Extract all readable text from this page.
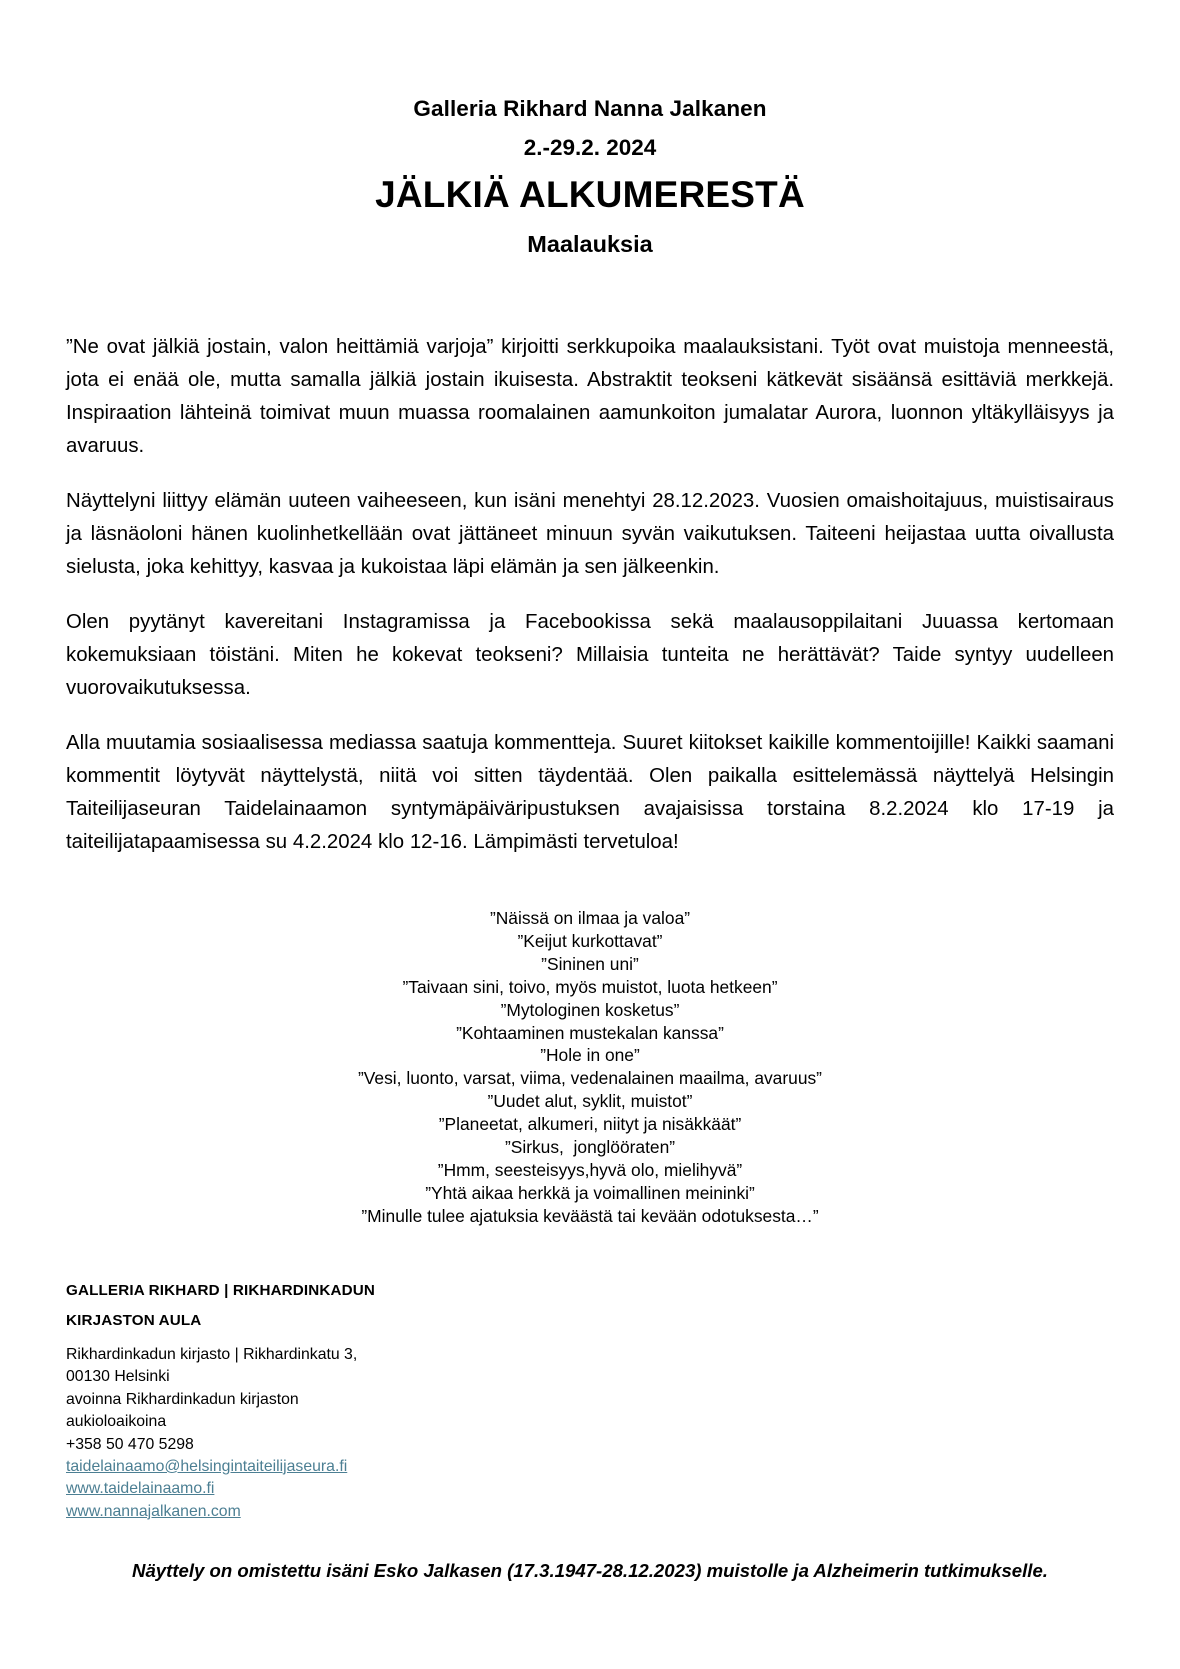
Galleria Rikhard Nanna Jalkanen
2.-29.2. 2024
JÄLKIÄ ALKUMERESTÄ
Maalauksia

”Ne ovat jälkiä jostain, valon heittämiä varjoja” kirjoitti serkkupoika maalauksistani. Työt ovat muistoja menneestä, jota ei enää ole, mutta samalla jälkiä jostain ikuisesta. Abstraktit teokseni kätkevät sisäänsä esittäviä merkkejä. Inspiraation lähteinä toimivat muun muassa roomalainen aamunkoiton jumalatar Aurora, luonnon yltäkylläisyys ja avaruus.

Näyttelyni liittyy elämän uuteen vaiheeseen, kun isäni menehtyi 28.12.2023. Vuosien omaishoitajuus, muistisairaus ja läsnäoloni hänen kuolinhetkellään ovat jättäneet minuun syvän vaikutuksen. Taiteeni heijastaa uutta oivallusta sielusta, joka kehittyy, kasvaa ja kukoistaa läpi elämän ja sen jälkeenkin.

Olen pyytänyt kavereitani Instagramissa ja Facebookissa sekä maalausoppilaitani Juuassa kertomaan kokemuksiaan töistäni. Miten he kokevat teokseni? Millaisia tunteita ne herättävät? Taide syntyy uudelleen vuorovaikutuksessa.

Alla muutamia sosiaalisessa mediassa saatuja kommentteja. Suuret kiitokset kaikille kommentoijille! Kaikki saamani kommentit löytyvät näyttelystä, niitä voi sitten täydentää. Olen paikalla esittelemässä näyttelyä Helsingin Taiteilijaseuran Taidelainaamon syntymäpäiväripustuksen avajaisissa torstaina 8.2.2024 klo 17-19 ja taiteilijatapaamisessa su 4.2.2024 klo 12-16. Lämpimästi tervetuloa!

”Näissä on ilmaa ja valoa”
”Keijut kurkottavat”
”Sininen uni”
”Taivaan sini, toivo, myös muistot, luota hetkeen”
”Mytologinen kosketus”
”Kohtaaminen mustekalan kanssa”
”Hole in one”
”Vesi, luonto, varsat, viima, vedenalainen maailma, avaruus”
”Uudet alut, syklit, muistot”
”Planeetat, alkumeri, niityt ja nisäkkäät”
”Sirkus,  jonglööraten”
”Hmm, seesteisyys,hyvä olo, mielihyvä”
”Yhtä aikaa herkkä ja voimallinen meininki”
”Minulle tulee ajatuksia keväästä tai kevään odotuksesta…”
GALLERIA RIKHARD | RIKHARDINKADUN
KIRJASTON AULA
Rikhardinkadun kirjasto | Rikhardinkatu 3,
00130 Helsinki
avoinna Rikhardinkadun kirjaston
aukioloaikoina
+358 50 470 5298
taidelainaamo@helsingintaiteilijaseura.fi
www.taidelainaamo.fi
www.nannajalkanen.com
Näyttely on omistettu isäni Esko Jalkasen (17.3.1947-28.12.2023) muistolle ja Alzheimerin tutkimukselle.
